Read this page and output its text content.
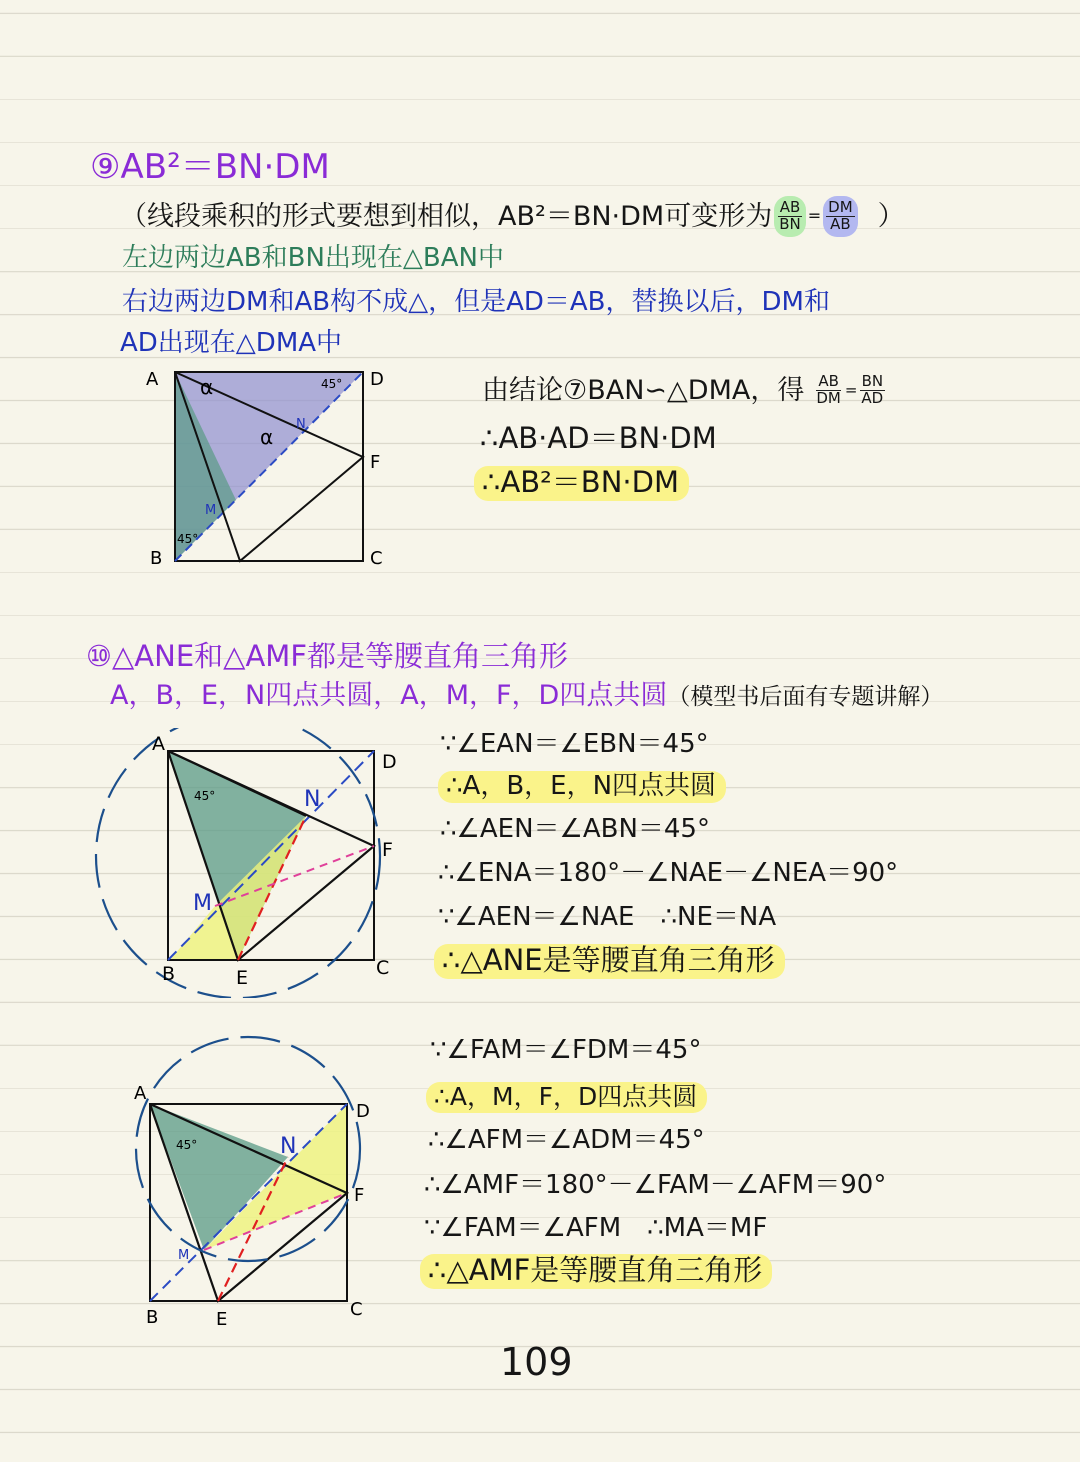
⑨AB²＝BN·DM
（线段乘积的形式要想到相似，AB²＝BN·DM可变形为 $\frac{AB}{BN} = \frac{DM}{AB}$ ）
左边两边AB和BN出现在△BAN中
右边两边DM和AB构不成△，但是AD＝AB，替换以后，DM和
AD出现在△DMA中
由结论⑦BAN∽△DMA，得 $\frac{AB}{DM} = \frac{BN}{AD}$
∴AB·AD＝BN·DM
∴AB²＝BN·DM
A	D
F
C
B
N
M
α
α
45°
45°
⑩△ANE和△AMF都是等腰直角三角形
A，B，E，N四点共圆，A，M，F，D四点共圆（模型书后面有专题讲解）
∵∠EAN＝∠EBN＝45°
∴A，B，E，N四点共圆
∴∠AEN＝∠ABN＝45°
∴∠ENA＝180°－∠NAE－∠NEA＝90°
∵∠AEN＝∠NAE　∴NE＝NA
∴△ANE是等腰直角三角形
∵∠FAM＝∠FDM＝45°
∴A，M，F，D四点共圆
∴∠AFM＝∠ADM＝45°
∴∠AMF＝180°－∠FAM－∠AFM＝90°
∵∠FAM＝∠AFM　∴MA＝MF
∴△AMF是等腰直角三角形
A
D
F
C
B	E
N
M
45°
A
D
F
C
B	E
N
M
45°
109
